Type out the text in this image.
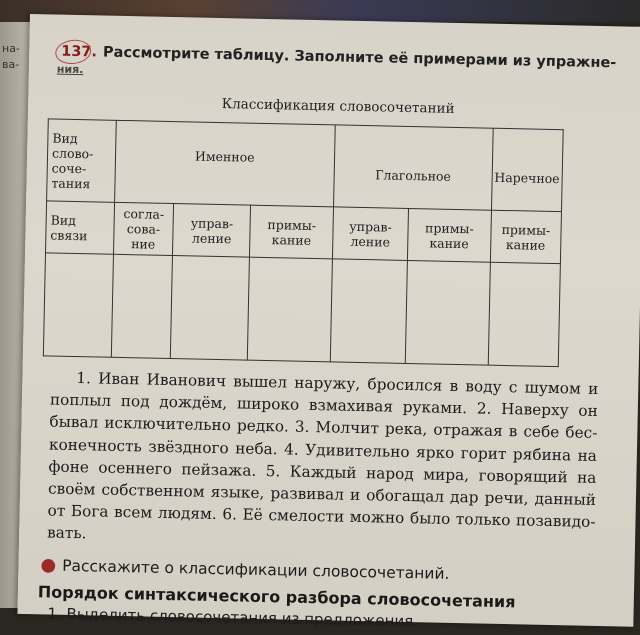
на-
ва-
137. Рассмотрите таблицу. Заполните её примерами из упражне-
ния.
Классификация словосочетаний
Вид
слово-
соче-
тания	Именное			Глагольное		Наречное
Вид
связи	согла-
сова-
ние	управ-
ление	примы-
кание	управ-
ление	примы-
кание	примы-
кание

1. Иван Иванович вышел наружу, бросился в воду с шумом и поплыл под дождём, широко взмахивая руками. 2. Наверху он бывал исключительно редко. 3. Молчит река, отражая в себе бес-конечность звёздного неба. 4. Удивительно ярко горит рябина на фоне осеннего пейзажа. 5. Каждый народ мира, говорящий на своём собственном языке, развивал и обогащал дар речи, данный от Бога всем людям. 6. Её смелости можно было только позавидо-вать.

● Расскажите о классификации словосочетаний.
Порядок синтаксического разбора словосочетания
1. Выделить словосочетания из предложения.
